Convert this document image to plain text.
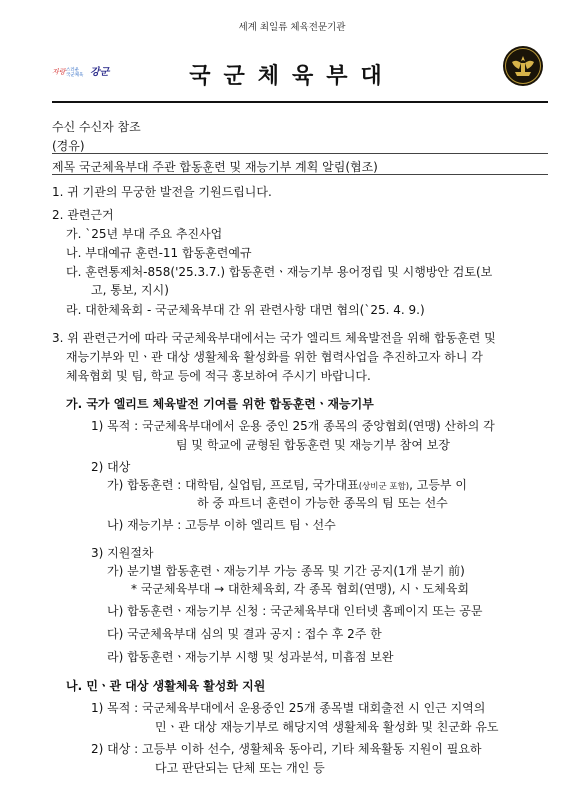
세계 최일류 체육전문기관
자랑 스러운
국군체육 강군	국군체육부대
수신 수신자 참조
(경유)
제목 국군체육부대 주관 합동훈련 및 재능기부 계획 알림(협조)
1. 귀 기관의 무궁한 발전을 기원드립니다.
2. 관련근거
가. `25년 부대 주요 추진사업
나. 부대예규 훈련-11 합동훈련예규
다. 훈련통제처-858('25.3.7.) 합동훈련ㆍ재능기부 용어정립 및 시행방안 검토(보
고, 통보, 지시)
라. 대한체육회 - 국군체육부대 간 위 관련사항 대면 협의(`25. 4. 9.)
3. 위 관련근거에 따라 국군체육부대에서는 국가 엘리트 체육발전을 위해 합동훈련 및
재능기부와 민ㆍ관 대상 생활체육 활성화를 위한 협력사업을 추진하고자 하니 각
체육협회 및 팀, 학교 등에 적극 홍보하여 주시기 바랍니다.
가. 국가 엘리트 체육발전 기여를 위한 합동훈련ㆍ재능기부
1) 목적 : 국군체육부대에서 운용 중인 25개 종목의 중앙협회(연맹) 산하의 각
팀 및 학교에 균형된 합동훈련 및 재능기부 참여 보장
2) 대상
가) 합동훈련 : 대학팀, 실업팀, 프로팀, 국가대표(상비군 포함), 고등부 이
하 중 파트너 훈련이 가능한 종목의 팀 또는 선수
나) 재능기부 : 고등부 이하 엘리트 팀ㆍ선수
3) 지원절차
가) 분기별 합동훈련ㆍ재능기부 가능 종목 및 기간 공지(1개 분기 前)
* 국군체육부대 → 대한체육회, 각 종목 협회(연맹), 시ㆍ도체육회
나) 합동훈련ㆍ재능기부 신청 : 국군체육부대 인터넷 홈페이지 또는 공문
다) 국군체육부대 심의 및 결과 공지 : 접수 후 2주 한
라) 합동훈련ㆍ재능기부 시행 및 성과분석, 미흡점 보완
나. 민ㆍ관 대상 생활체육 활성화 지원
1) 목적 : 국군체육부대에서 운용중인 25개 종목별 대회출전 시 인근 지역의
민ㆍ관 대상 재능기부로 해당지역 생활체육 활성화 및 친군화 유도
2) 대상 : 고등부 이하 선수, 생활체육 동아리, 기타 체육활동 지원이 필요하
다고 판단되는 단체 또는 개인 등
